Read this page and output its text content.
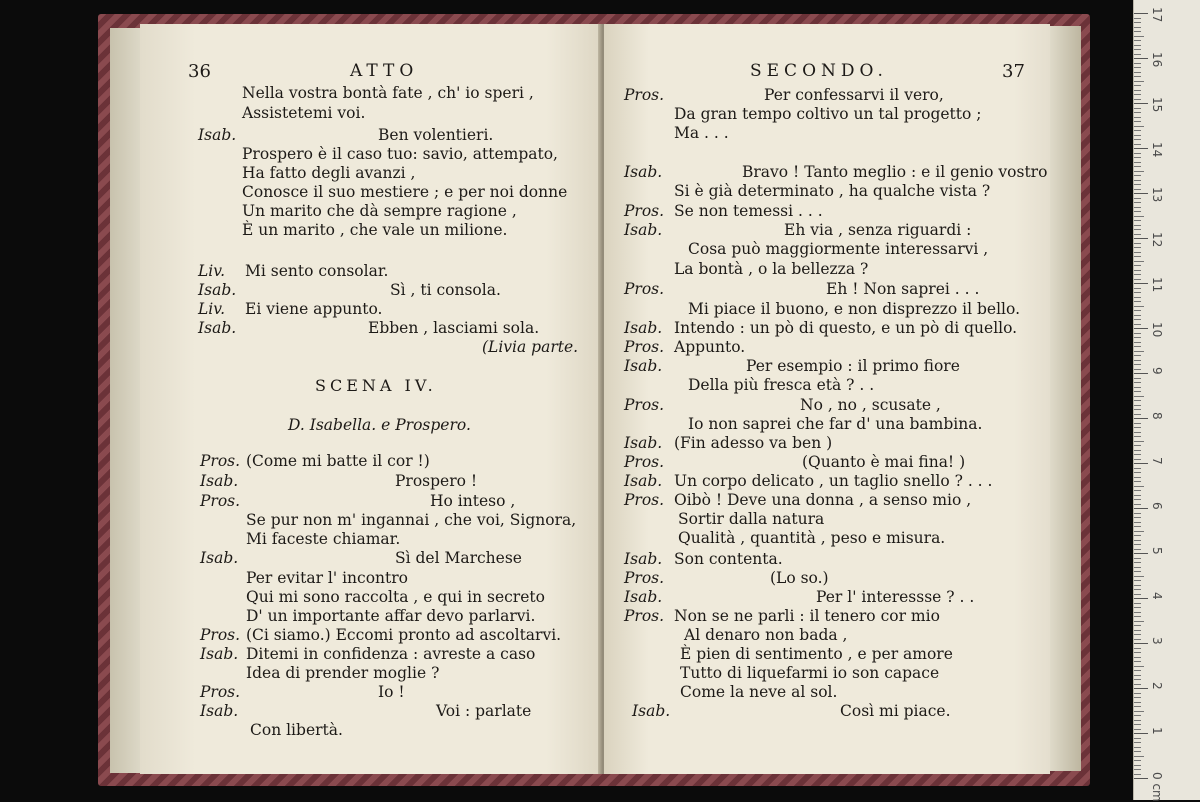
36	ATTO
Isab.
Liv.
Isab.
Liv.
Isab.
Nella vostra bontà fate , ch' io speri ,
Assistetemi voi.
Ben volentieri.
Prospero è il caso tuo: savio, attempato,
Ha fatto degli avanzi ,
Conosce il suo mestiere ; e per noi donne
Un marito che dà sempre ragione ,
È un marito , che vale un milione.
Mi sento consolar.
Sì , ti consola.
Ei viene appunto.
Ebben , lasciami sola.
(Livia parte.
SCENA IV.
D. Isabella. e Prospero.
Pros.
Isab.
Pros.
Isab.
Pros.
Isab.
Pros.
Isab.
(Come mi batte il cor !)
Prospero !
Ho inteso ,
Se pur non m' ingannai , che voi, Signora,
Mi faceste chiamar.
Sì del Marchese
Per evitar l' incontro
Qui mi sono raccolta , e qui in secreto
D' un importante affar devo parlarvi.
(Ci siamo.) Eccomi pronto ad ascoltarvi.
Ditemi in confidenza : avreste a caso
Idea di prender moglie ?
Io !
Voi : parlate
Con libertà.
SECONDO.	37
Pros.
Isab.
Pros.
Isab.
Pros.
Isab.
Pros.
Isab.
Pros.
Isab.
Pros.
Isab.
Pros.
Isab.
Pros.
Isab.
Pros.
Isab.
Per confessarvi il vero,
Da gran tempo coltivo un tal progetto ;
Ma . . .
Bravo ! Tanto meglio : e il genio vostro
Si è già determinato , ha qualche vista ?
Se non temessi . . .
Eh via , senza riguardi :
Cosa può maggiormente interessarvi ,
La bontà , o la bellezza ?
Eh ! Non saprei . . .
Mi piace il buono, e non disprezzo il bello.
Intendo : un pò di questo, e un pò di quello.
Appunto.
Per esempio : il primo fiore
Della più fresca età ? . .
No , no , scusate ,
Io non saprei che far d' una bambina.
(Fin adesso va ben )
(Quanto è mai fina! )
Un corpo delicato , un taglio snello ? . . .
Oibò ! Deve una donna , a senso mio ,
Sortir dalla natura
Qualità , quantità , peso e misura.
Son contenta.
(Lo so.)
Per l' interessse ? . .
Non se ne parli : il tenero cor mio
Al denaro non bada ,
È pien di sentimento , e per amore
Tutto di liquefarmi io son capace
Come la neve al sol.
Così mi piace.
0 cm
1
2
3
4
5
6
7
8
9
10
11
12
13
14
15
16
17
